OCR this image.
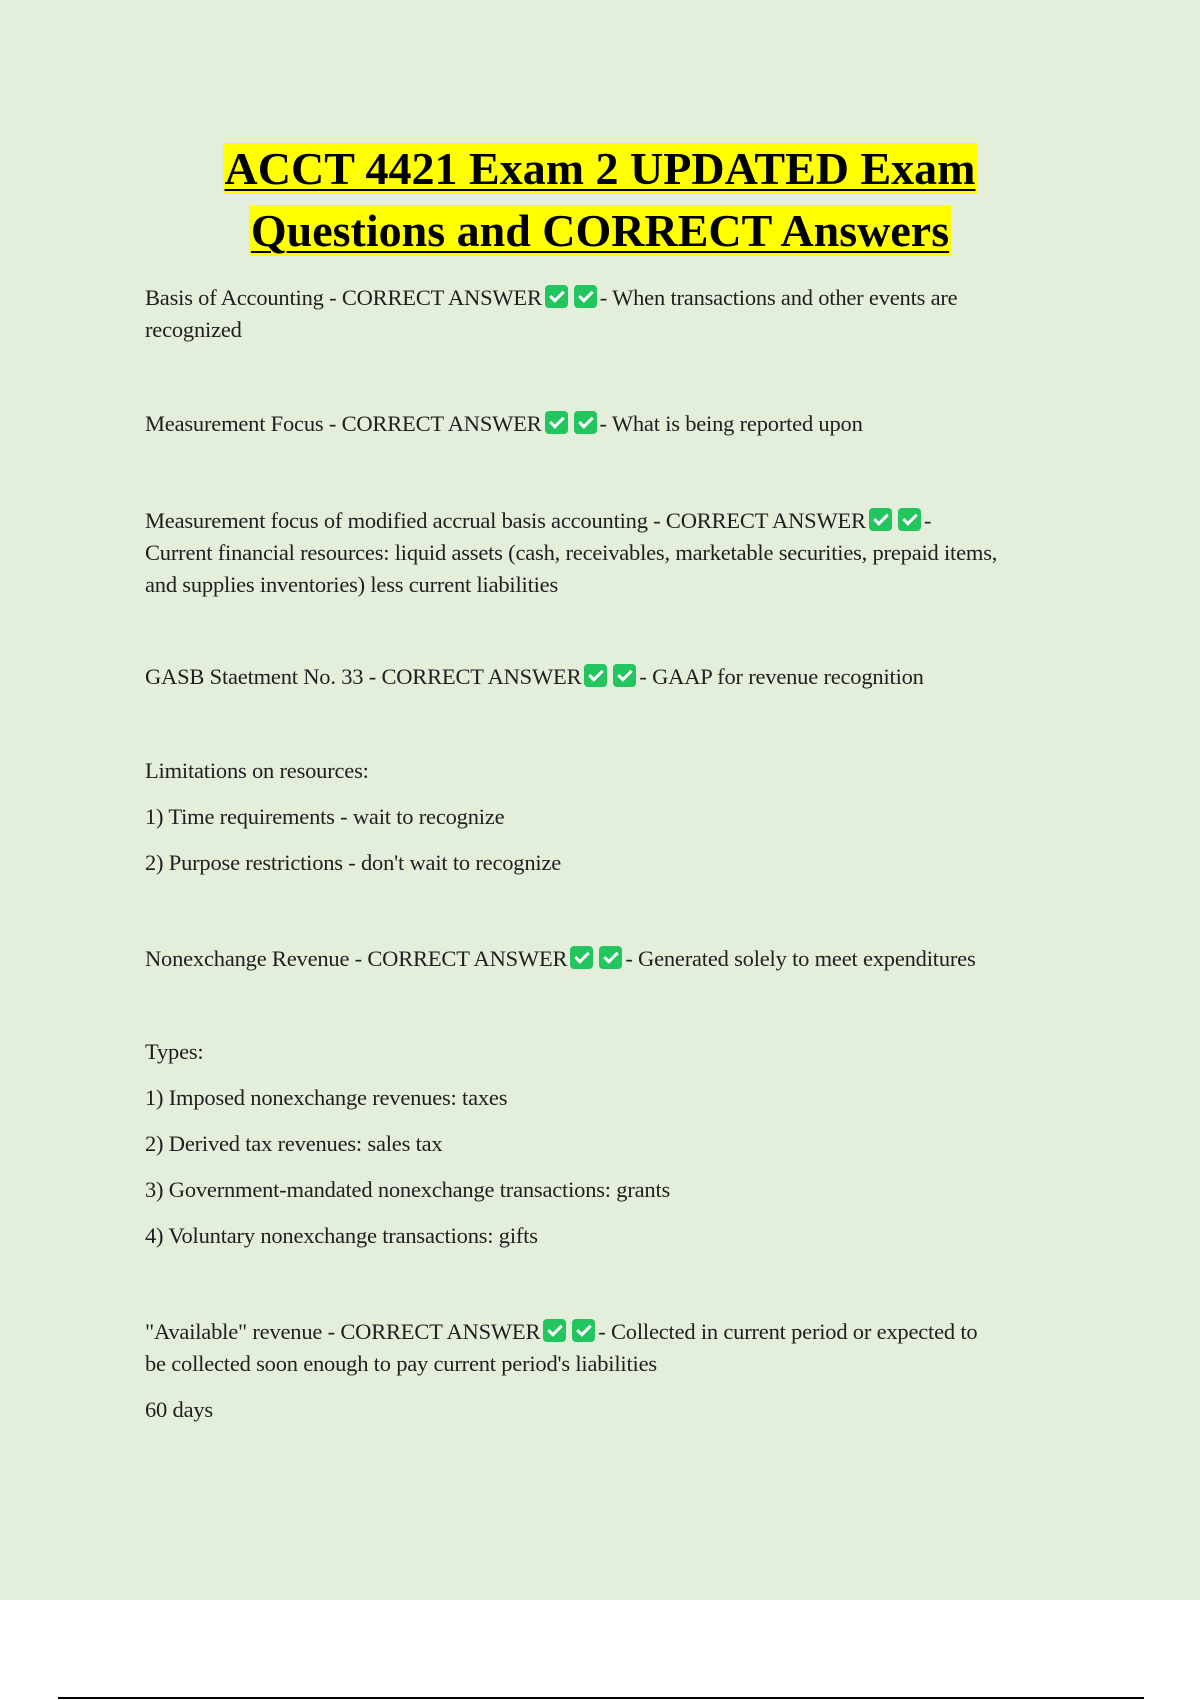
ACCT 4421 Exam 2 UPDATED Exam
Questions and CORRECT Answers

Basis of Accounting - CORRECT ANSWER	- When transactions and other events are
recognized

Measurement Focus - CORRECT ANSWER	- What is being reported upon

Measurement focus of modified accrual basis accounting - CORRECT ANSWER	-
Current financial resources: liquid assets (cash, receivables, marketable securities, prepaid items,
and supplies inventories) less current liabilities

GASB Staetment No. 33 - CORRECT ANSWER	- GAAP for revenue recognition

Limitations on resources:
1) Time requirements - wait to recognize
2) Purpose restrictions - don't wait to recognize

Nonexchange Revenue - CORRECT ANSWER	- Generated solely to meet expenditures

Types:
1) Imposed nonexchange revenues: taxes
2) Derived tax revenues: sales tax
3) Government-mandated nonexchange transactions: grants
4) Voluntary nonexchange transactions: gifts

"Available" revenue - CORRECT ANSWER	- Collected in current period or expected to
be collected soon enough to pay current period's liabilities
60 days
